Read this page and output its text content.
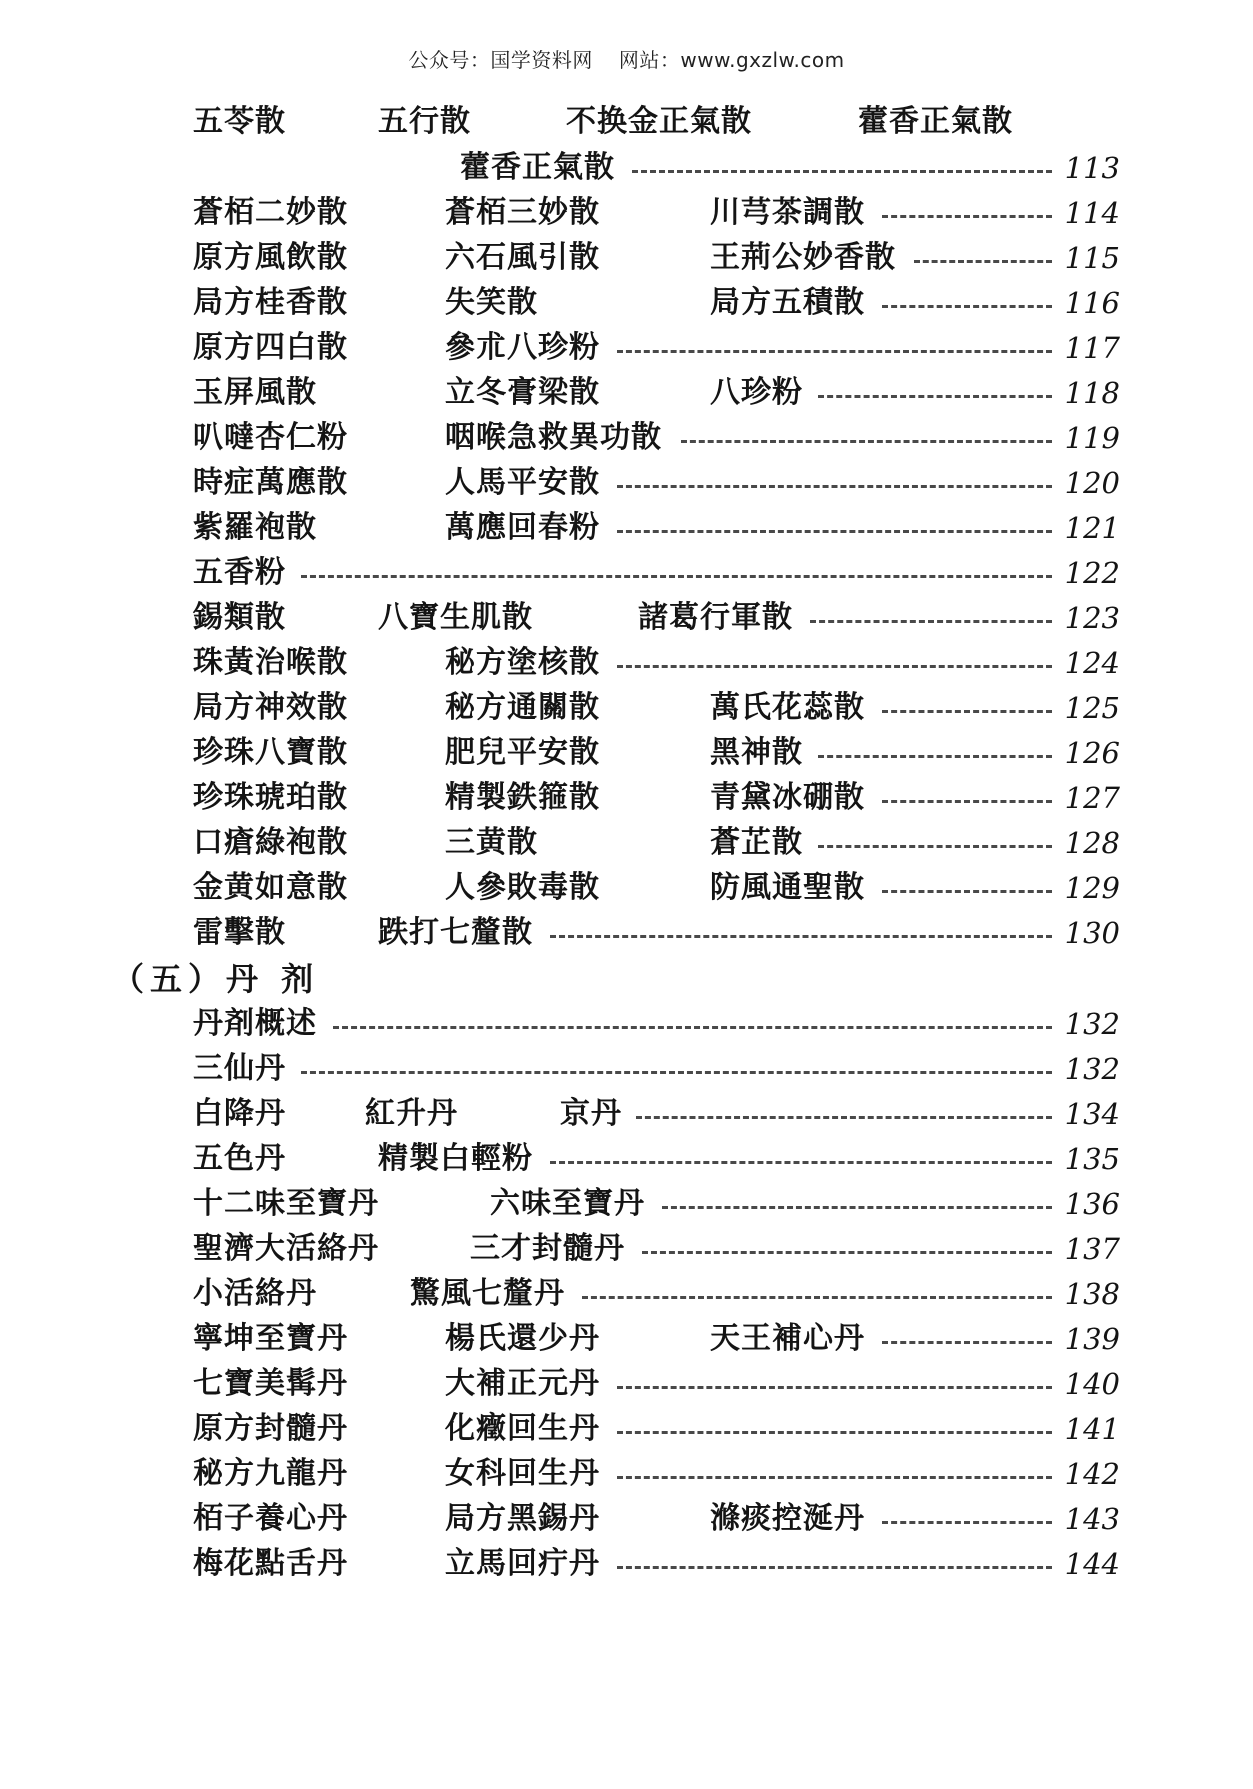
公众号：国学资料网 网站：www.gxzlw.com
五苓散	五行散	不换金正氣散	藿香正氣散
藿香正氣散	113
蒼栢二妙散	蒼栢三妙散	川芎茶調散	114
原方風飲散	六石風引散	王荊公妙香散	115
局方桂香散	失笑散	局方五積散	116
原方四白散	參朮八珍粉	117
玉屏風散	立冬膏梁散	八珍粉	118
叭噠杏仁粉	咽喉急救異功散	119
時症萬應散	人馬平安散	120
紫羅袍散	萬應回春粉	121
五香粉	122
錫類散	八寶生肌散	諸葛行軍散	123
珠黃治喉散	秘方塗核散	124
局方神效散	秘方通關散	萬氏花蕊散	125
珍珠八寶散	肥兒平安散	黑神散	126
珍珠琥珀散	精製鉄箍散	青黛冰硼散	127
口瘡綠袍散	三黄散	蒼芷散	128
金黄如意散	人參敗毒散	防風通聖散	129
雷擊散	跌打七釐散	130
（五）丹 剂
丹剤概述	132
三仙丹	132
白降丹	紅升丹	京丹	134
五色丹	精製白輕粉	135
十二味至寶丹	六味至寶丹	136
聖濟大活絡丹	三才封髓丹	137
小活絡丹	驚風七釐丹	138
寧坤至寶丹	楊氏還少丹	天王補心丹	139
七寶美髯丹	大補正元丹	140
原方封髓丹	化癥回生丹	141
秘方九龍丹	女科回生丹	142
栢子養心丹	局方黑錫丹	滌痰控涎丹	143
梅花點舌丹	立馬回疔丹	144
